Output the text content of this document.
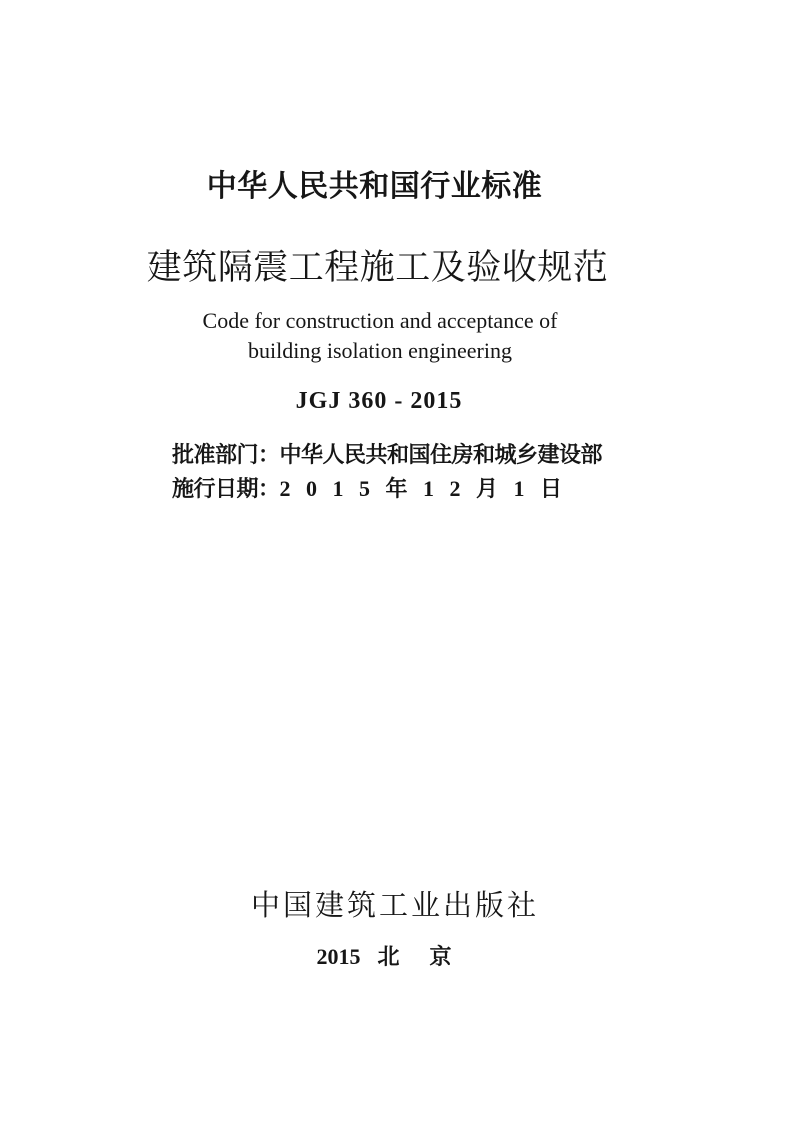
中华人民共和国行业标准
建筑隔震工程施工及验收规范
Code for construction and acceptance of
building isolation engineering
JGJ 360 - 2015
批准部门：中华人民共和国住房和城乡建设部
施行日期：2 0 1 5 年 1 2 月 1 日
中国建筑工业出版社
2015 北　京
